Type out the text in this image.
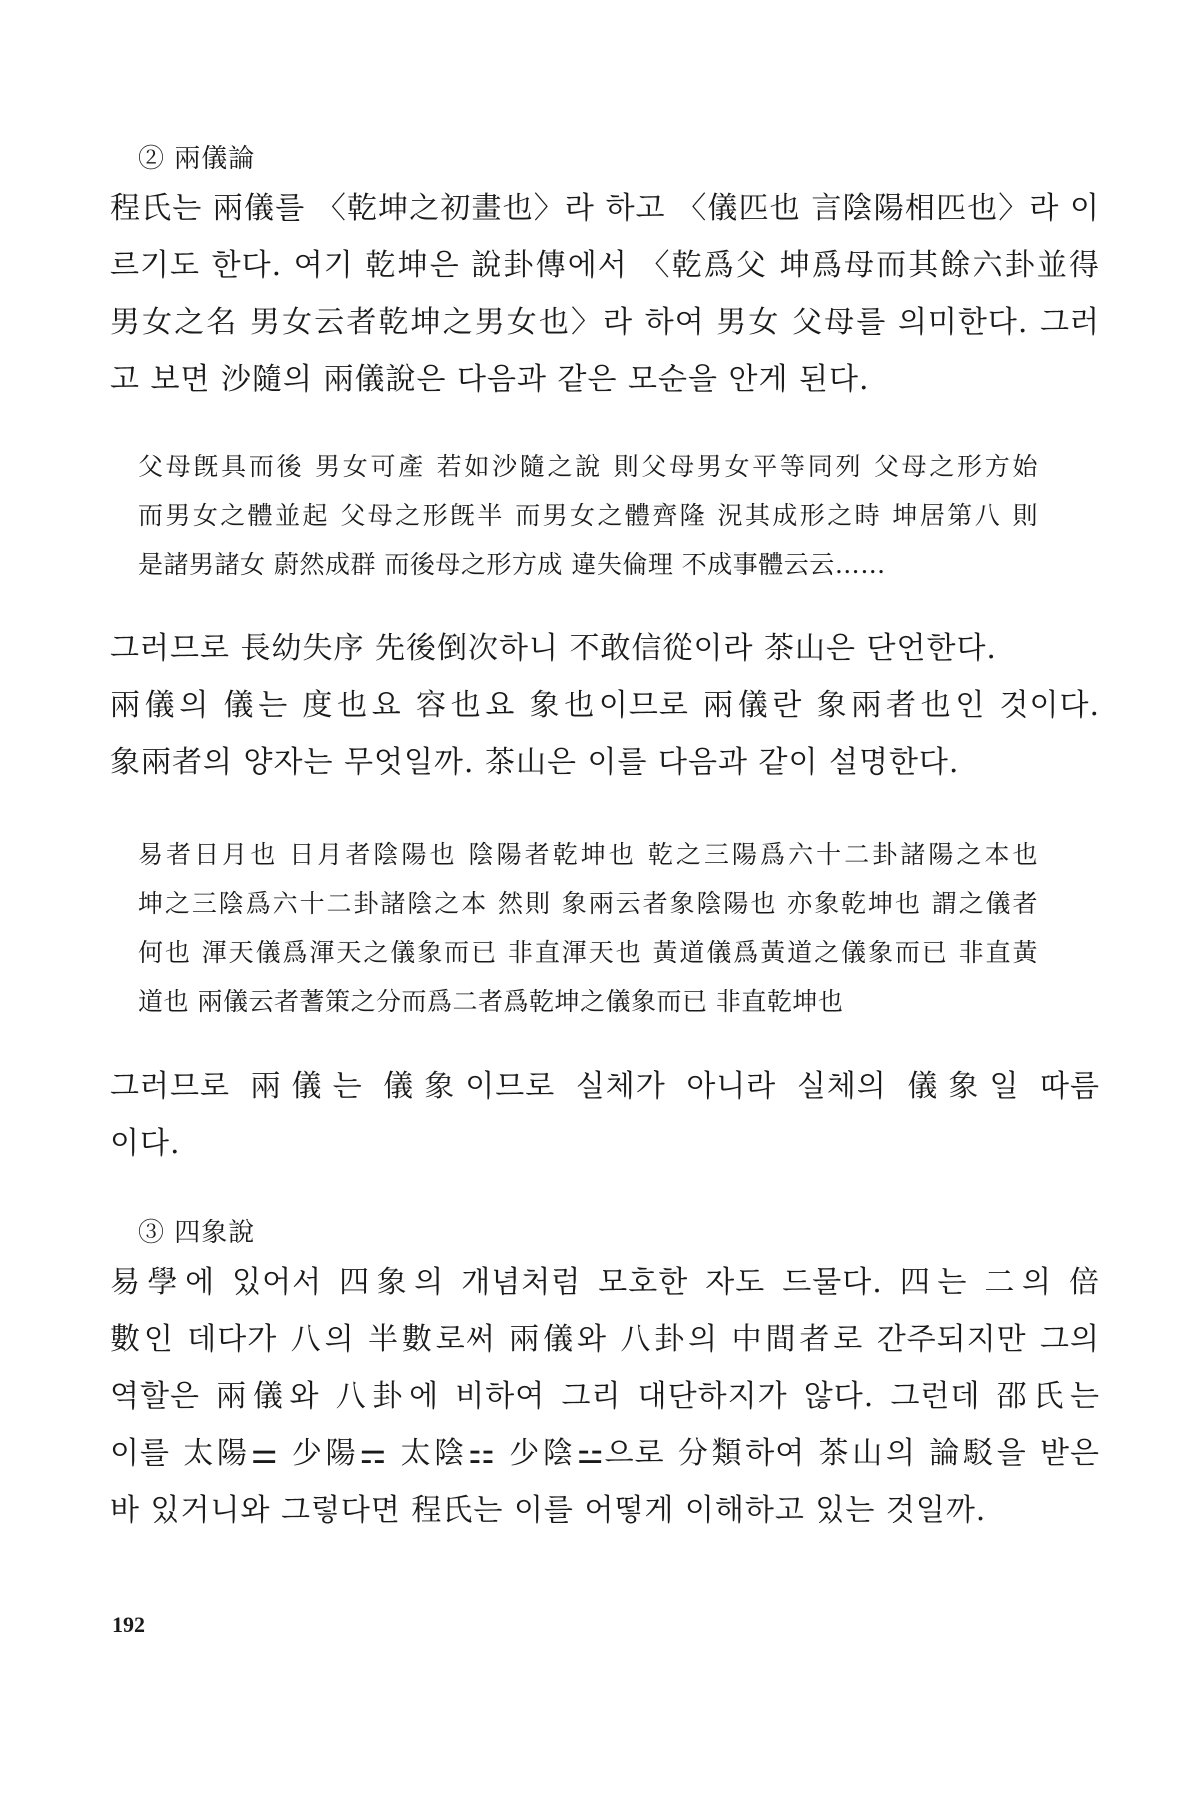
② 兩儀論
程氏는 兩儀를 〈乾坤之初畫也〉라 하고 〈儀匹也 言陰陽相匹也〉라 이
르기도 한다. 여기 乾坤은 說卦傳에서 〈乾爲父 坤爲母而其餘六卦並得
男女之名 男女云者乾坤之男女也〉라 하여 男女 父母를 의미한다. 그러
고 보면 沙隨의 兩儀說은 다음과 같은 모순을 안게 된다.
父母旣具而後 男女可產 若如沙隨之說 則父母男女平等同列 父母之形方始
而男女之體並起 父母之形旣半 而男女之體齊隆 況其成形之時 坤居第八 則
是諸男諸女 蔚然成群 而後母之形方成 違失倫理 不成事體云云……
그러므로 長幼失序 先後倒次하니 不敢信從이라 茶山은 단언한다.
兩儀의 儀는 度也요 容也요 象也이므로 兩儀란 象兩者也인 것이다.
象兩者의 양자는 무엇일까. 茶山은 이를 다음과 같이 설명한다.
易者日月也 日月者陰陽也 陰陽者乾坤也 乾之三陽爲六十二卦諸陽之本也
坤之三陰爲六十二卦諸陰之本 然則 象兩云者象陰陽也 亦象乾坤也 謂之儀者
何也 渾天儀爲渾天之儀象而已 非直渾天也 黃道儀爲黃道之儀象而已 非直黃
道也 兩儀云者蓍策之分而爲二者爲乾坤之儀象而已 非直乾坤也
그러므로 兩儀는 儀象이므로 실체가 아니라 실체의 儀象일 따름
이다.
③ 四象說
易學에 있어서 四象의 개념처럼 모호한 자도 드물다. 四는 二의 倍
數인 데다가 八의 半數로써 兩儀와 八卦의 中間者로 간주되지만 그의
역할은 兩儀와 八卦에 비하여 그리 대단하지가 않다. 그런데 邵氏는
이를 太陽⚌ 少陽⚎ 太陰⚏ 少陰⚍으로 分類하여 茶山의 論駁을 받은
바 있거니와 그렇다면 程氏는 이를 어떻게 이해하고 있는 것일까.
192
